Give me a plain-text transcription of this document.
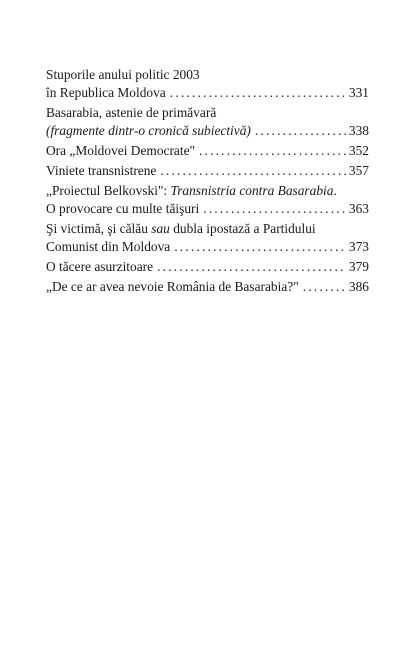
Stuporile anului politic 2003
în Republica Moldova .....	331
Basarabia, astenie de primăvară
(fragmente dintr-o cronică subiectivă) .....	338
Ora „Moldovei Democrate" .....	352
Viniete transnistrene .....	357
„Proiectul Belkovski": Transnistria contra Basarabia.
O provocare cu multe tăişuri .....	363
Şi victimă, şi călău sau dubla ipostază a Partidului
Comunist din Moldova .....	373
O tăcere asurzitoare .....	379
„De ce ar avea nevoie România de Basarabia?" .....	386
